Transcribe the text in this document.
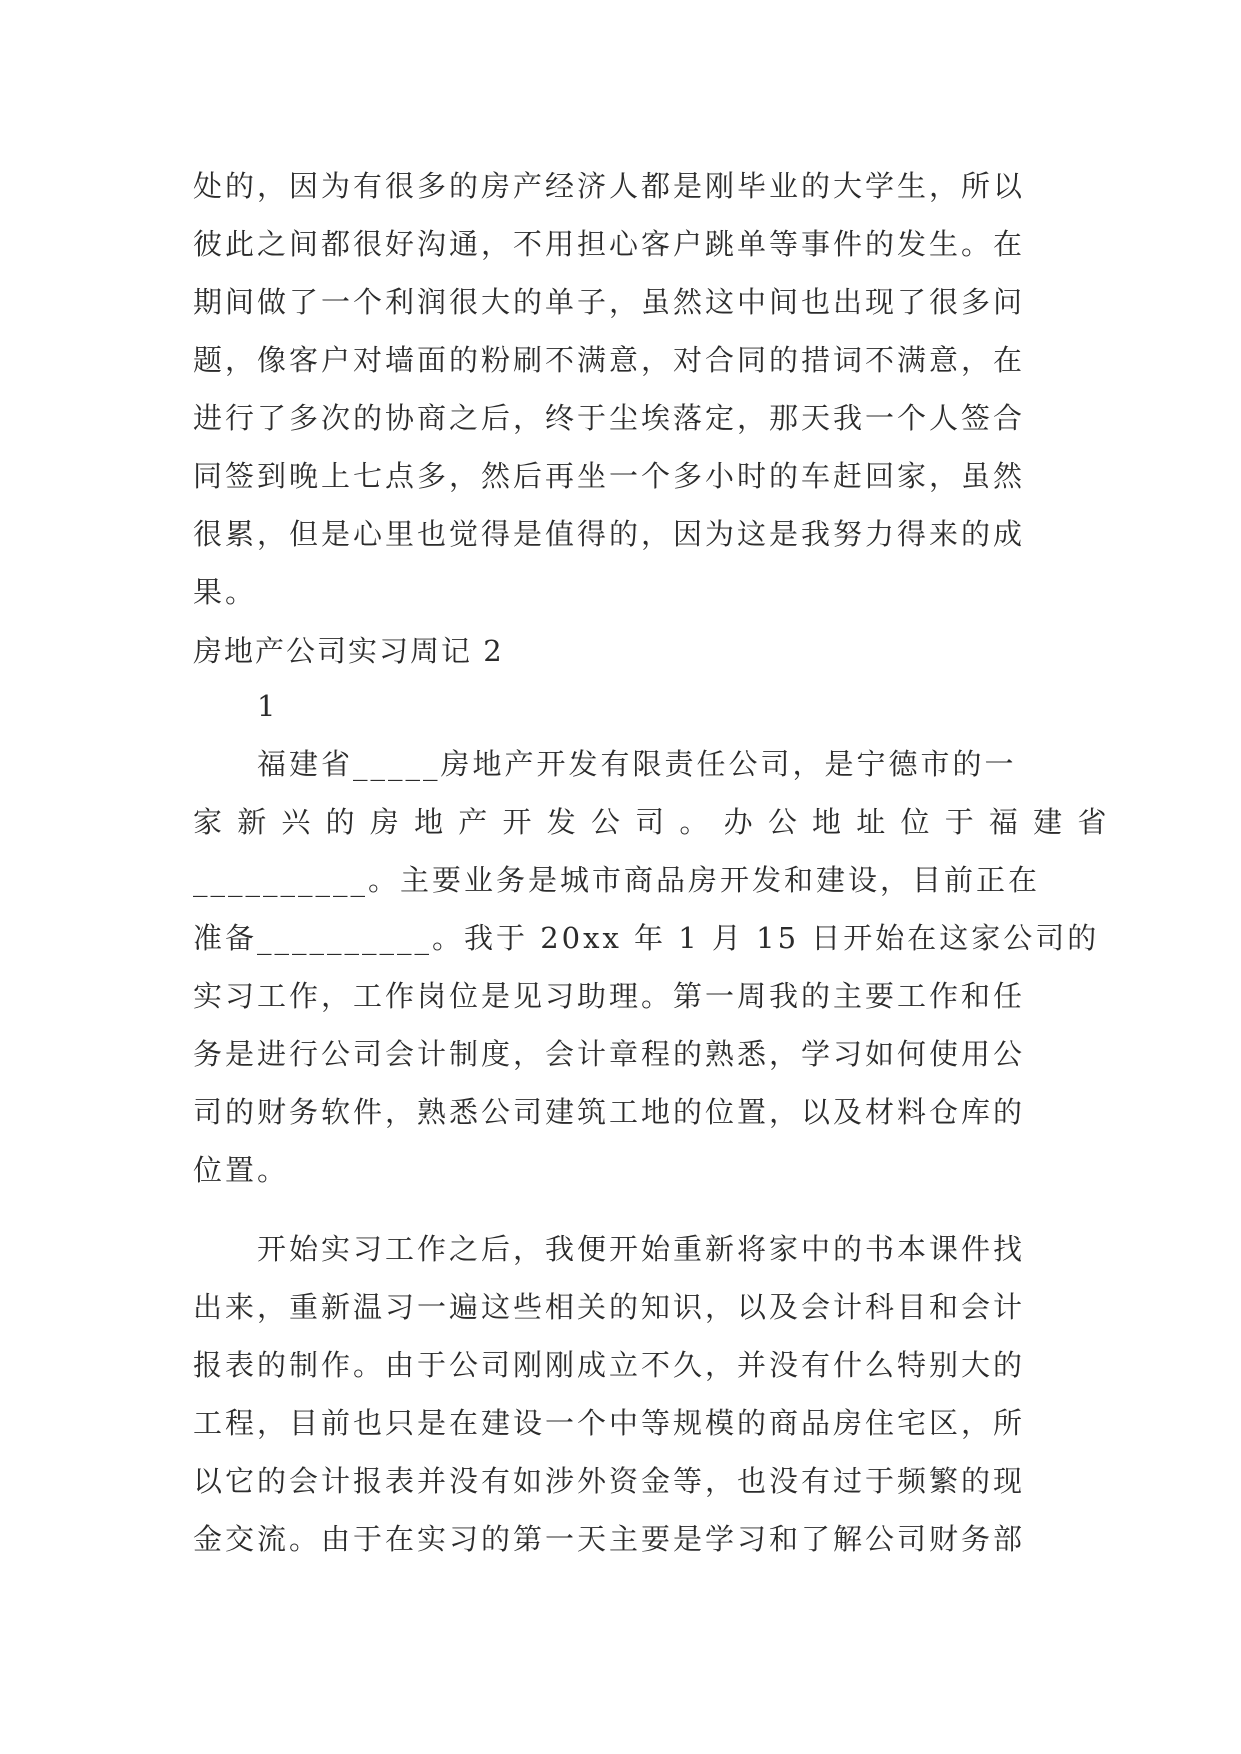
处的，因为有很多的房产经济人都是刚毕业的大学生，所以
彼此之间都很好沟通，不用担心客户跳单等事件的发生。在
期间做了一个利润很大的单子，虽然这中间也出现了很多问
题，像客户对墙面的粉刷不满意，对合同的措词不满意，在
进行了多次的协商之后，终于尘埃落定，那天我一个人签合
同签到晚上七点多，然后再坐一个多小时的车赶回家，虽然
很累，但是心里也觉得是值得的，因为这是我努力得来的成
果。
房地产公司实习周记 2
1
福建省_____房地产开发有限责任公司，是宁德市的一
家 新 兴 的 房 地 产 开 发 公 司 。 办 公 地 址 位 于 福 建 省
__________。主要业务是城市商品房开发和建设，目前正在
准备__________。我于 20xx 年 1 月 15 日开始在这家公司的
实习工作，工作岗位是见习助理。第一周我的主要工作和任
务是进行公司会计制度，会计章程的熟悉，学习如何使用公
司的财务软件，熟悉公司建筑工地的位置，以及材料仓库的
位置。
开始实习工作之后，我便开始重新将家中的书本课件找
出来，重新温习一遍这些相关的知识，以及会计科目和会计
报表的制作。由于公司刚刚成立不久，并没有什么特别大的
工程，目前也只是在建设一个中等规模的商品房住宅区，所
以它的会计报表并没有如涉外资金等，也没有过于频繁的现
金交流。由于在实习的第一天主要是学习和了解公司财务部
